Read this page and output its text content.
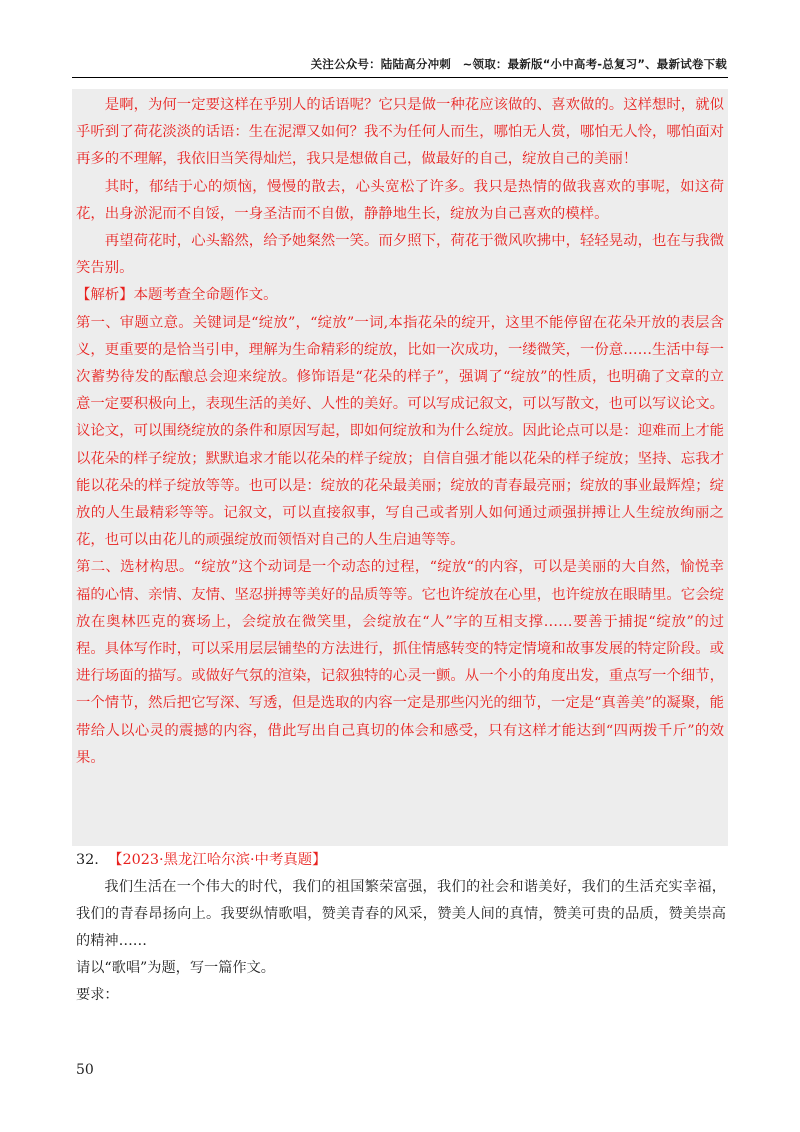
关注公众号：陆陆高分冲刺　~领取：最新版“小中高考-总复习”、最新试卷下载

是啊，为何一定要这样在乎别人的话语呢？它只是做一种花应该做的、喜欢做的。这样想时，就似乎听到了荷花淡淡的话语：生在泥潭又如何？我不为任何人而生，哪怕无人赏，哪怕无人怜，哪怕面对再多的不理解，我依旧当笑得灿烂，我只是想做自己，做最好的自己，绽放自己的美丽！

其时，郁结于心的烦恼，慢慢的散去，心头宽松了许多。我只是热情的做我喜欢的事呢，如这荷花，出身淤泥而不自馁，一身圣洁而不自傲，静静地生长，绽放为自己喜欢的模样。

再望荷花时，心头豁然，给予她粲然一笑。而夕照下，荷花于微风吹拂中，轻轻晃动，也在与我微笑告别。

【解析】本题考查全命题作文。

第一、审题立意。关键词是“绽放”，“绽放”一词,本指花朵的绽开，这里不能停留在花朵开放的表层含义，更重要的是恰当引申，理解为生命精彩的绽放，比如一次成功，一缕微笑，一份意……生活中每一次蓄势待发的酝酿总会迎来绽放。修饰语是“花朵的样子”，强调了“绽放”的性质，也明确了文章的立意一定要积极向上，表现生活的美好、人性的美好。可以写成记叙文，可以写散文，也可以写议论文。议论文，可以围绕绽放的条件和原因写起，即如何绽放和为什么绽放。因此论点可以是：迎难而上才能以花朵的样子绽放；默默追求才能以花朵的样子绽放；自信自强才能以花朵的样子绽放；坚持、忘我才能以花朵的样子绽放等等。也可以是：绽放的花朵最美丽；绽放的青春最亮丽；绽放的事业最辉煌；绽放的人生最精彩等等。记叙文，可以直接叙事，写自己或者别人如何通过顽强拼搏让人生绽放绚丽之花，也可以由花儿的顽强绽放而领悟对自己的人生启迪等等。

第二、选材构思。“绽放”这个动词是一个动态的过程，“绽放“的内容，可以是美丽的大自然，愉悦幸福的心情、亲情、友情、坚忍拼搏等美好的品质等等。它也许绽放在心里，也许绽放在眼睛里。它会绽放在奥林匹克的赛场上，会绽放在微笑里，会绽放在“人”字的互相支撑……要善于捕捉“绽放”的过程。具体写作时，可以采用层层铺垫的方法进行，抓住情感转变的特定情境和故事发展的特定阶段。或进行场面的描写。或做好气氛的渲染，记叙独特的心灵一颤。从一个小的角度出发，重点写一个细节，一个情节，然后把它写深、写透，但是选取的内容一定是那些闪光的细节，一定是“真善美”的凝聚，能带给人以心灵的震撼的内容，借此写出自己真切的体会和感受，只有这样才能达到“四两拨千斤”的效果。

32. 【2023·黑龙江哈尔滨·中考真题】

我们生活在一个伟大的时代，我们的祖国繁荣富强，我们的社会和谐美好，我们的生活充实幸福，我们的青春昂扬向上。我要纵情歌唱，赞美青春的风采，赞美人间的真情，赞美可贵的品质，赞美崇高的精神……

请以“歌唱”为题，写一篇作文。

要求：

50
